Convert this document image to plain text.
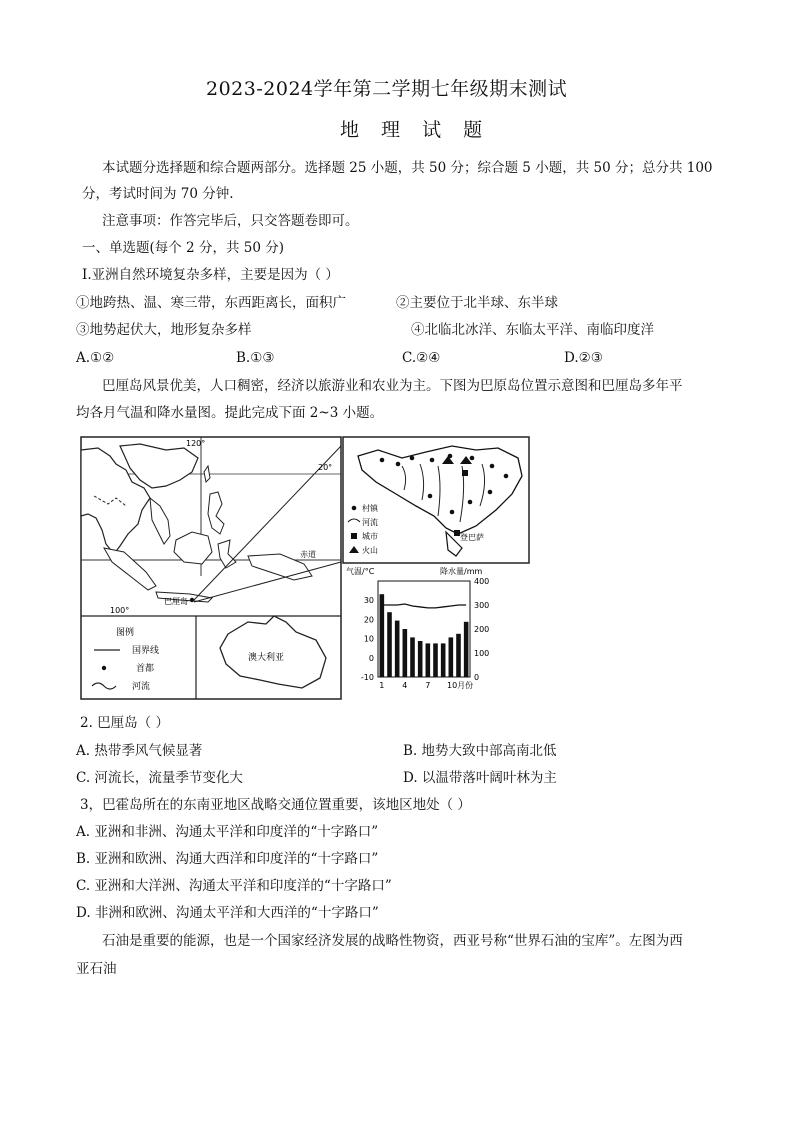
2023-2024学年第二学期七年级期末测试
地 理 试 题
本试题分选择题和综合题两部分。选择题 25 小题，共 50 分；综合题 5 小题，共 50 分；总分共 100
分，考试时间为 70 分钟.
注意事项：作答完毕后，只交答题卷即可。
一、单选题(每个 2 分，共 50 分)
Ⅰ.亚洲自然环境复杂多样，主要是因为（ ）
①地跨热、温、寒三带，东西距离长，面积广	②主要位于北半球、东半球
③地势起伏大，地形复杂多样	④北临北冰洋、东临太平洋、南临印度洋
A.①②	B.①③	C.②④	D.②③
巴厘岛风景优美，人口稠密，经济以旅游业和农业为主。下图为巴原岛位置示意图和巴厘岛多年平
均各月气温和降水量图。提此完成下面 2~3 小题。
图例
国界线
首都
河流
澳大利亚
120°
20°
赤道
巴厘岛
100°
登巴萨
村镇
河流
城市
火山
气温/°C	降水量/mm
30
20
10
0
-10
400
300
200
100
0
1 4 7 10月份
2. 巴厘岛（ ）
A. 热带季风气候显著	B. 地势大致中部高南北低
C. 河流长，流量季节变化大	D. 以温带落叶阔叶林为主
3，巴霍岛所在的东南亚地区战略交通位置重要，该地区地处（ ）
A. 亚洲和非洲、沟通太平洋和印度洋的“十字路口”
B. 亚洲和欧洲、沟通大西洋和印度洋的“十字路口”
C. 亚洲和大洋洲、沟通太平洋和印度洋的“十字路口”
D. 非洲和欧洲、沟通太平洋和大西洋的“十字路口”
石油是重要的能源，也是一个国家经济发展的战略性物资，西亚号称“世界石油的宝库”。左图为西
亚石油
